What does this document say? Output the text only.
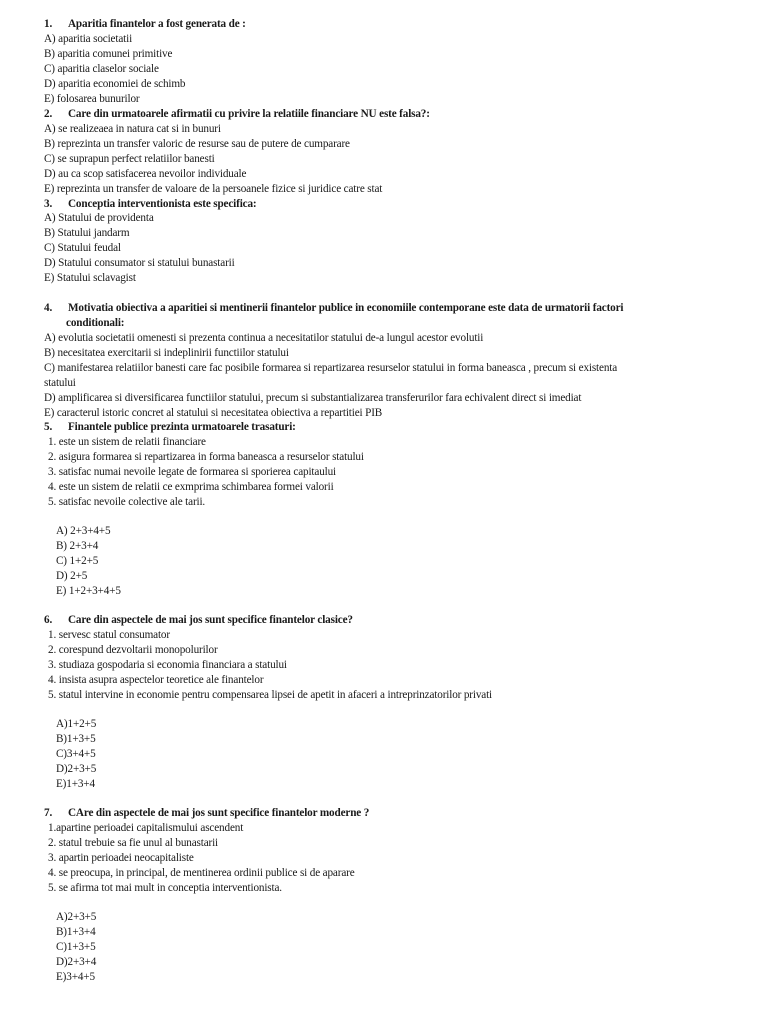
1. Aparitia finantelor a fost generata de :
A) aparitia societatii
B) aparitia comunei primitive
C) aparitia claselor sociale
D) aparitia economiei de schimb
E) folosarea bunurilor
2. Care din urmatoarele afirmatii cu privire la relatiile financiare NU este falsa?:
A) se realizeaea in natura cat si in bunuri
B) reprezinta un transfer valoric de resurse sau de putere de cumparare
C) se suprapun perfect relatiilor banesti
D) au ca scop satisfacerea nevoilor individuale
E) reprezinta un transfer de valoare de la persoanele fizice si juridice catre stat
3. Conceptia interventionista este specifica:
A) Statului de providenta
B) Statului jandarm
C) Statului feudal
D) Statului consumator si statului bunastarii
E) Statului sclavagist
4. Motivatia obiectiva a aparitiei si mentinerii finantelor publice in economiile contemporane este data de urmatorii factori
conditionali:
A) evolutia societatii omenesti si prezenta continua a necesitatilor statului de-a lungul acestor evolutii
B) necesitatea exercitarii si indeplinirii functiilor statului
C) manifestarea relatiilor banesti care fac posibile formarea si repartizarea resurselor statului in forma baneasca , precum si existenta
statului
D) amplificarea si diversificarea functiilor statului, precum si substantializarea transferurilor fara echivalent direct si imediat
E) caracterul istoric concret al statului si necesitatea obiectiva a repartitiei PIB
5. Finantele publice prezinta urmatoarele trasaturi:
1. este un sistem de relatii financiare
2. asigura formarea si repartizarea in forma baneasca a resurselor statului
3. satisfac numai nevoile legate de formarea si sporierea capitaului
4. este un sistem de relatii ce exmprima schimbarea formei valorii
5. satisfac nevoile colective ale tarii.
A) 2+3+4+5
B) 2+3+4
C) 1+2+5
D) 2+5
E) 1+2+3+4+5
6. Care din aspectele de mai jos sunt specifice finantelor clasice?
1. servesc statul consumator
2. corespund dezvoltarii monopolurilor
3. studiaza gospodaria si economia financiara a statului
4. insista asupra aspectelor teoretice ale finantelor
5. statul intervine in economie pentru compensarea lipsei de apetit in afaceri a intreprinzatorilor privati
A)1+2+5
B)1+3+5
C)3+4+5
D)2+3+5
E)1+3+4
7. CAre din aspectele de mai jos sunt specifice finantelor moderne ?
1.apartine perioadei capitalismului ascendent
2. statul trebuie sa fie unul al bunastarii
3. apartin perioadei neocapitaliste
4. se preocupa, in principal, de mentinerea ordinii publice si de aparare
5. se afirma tot mai mult in conceptia interventionista.
A)2+3+5
B)1+3+4
C)1+3+5
D)2+3+4
E)3+4+5
